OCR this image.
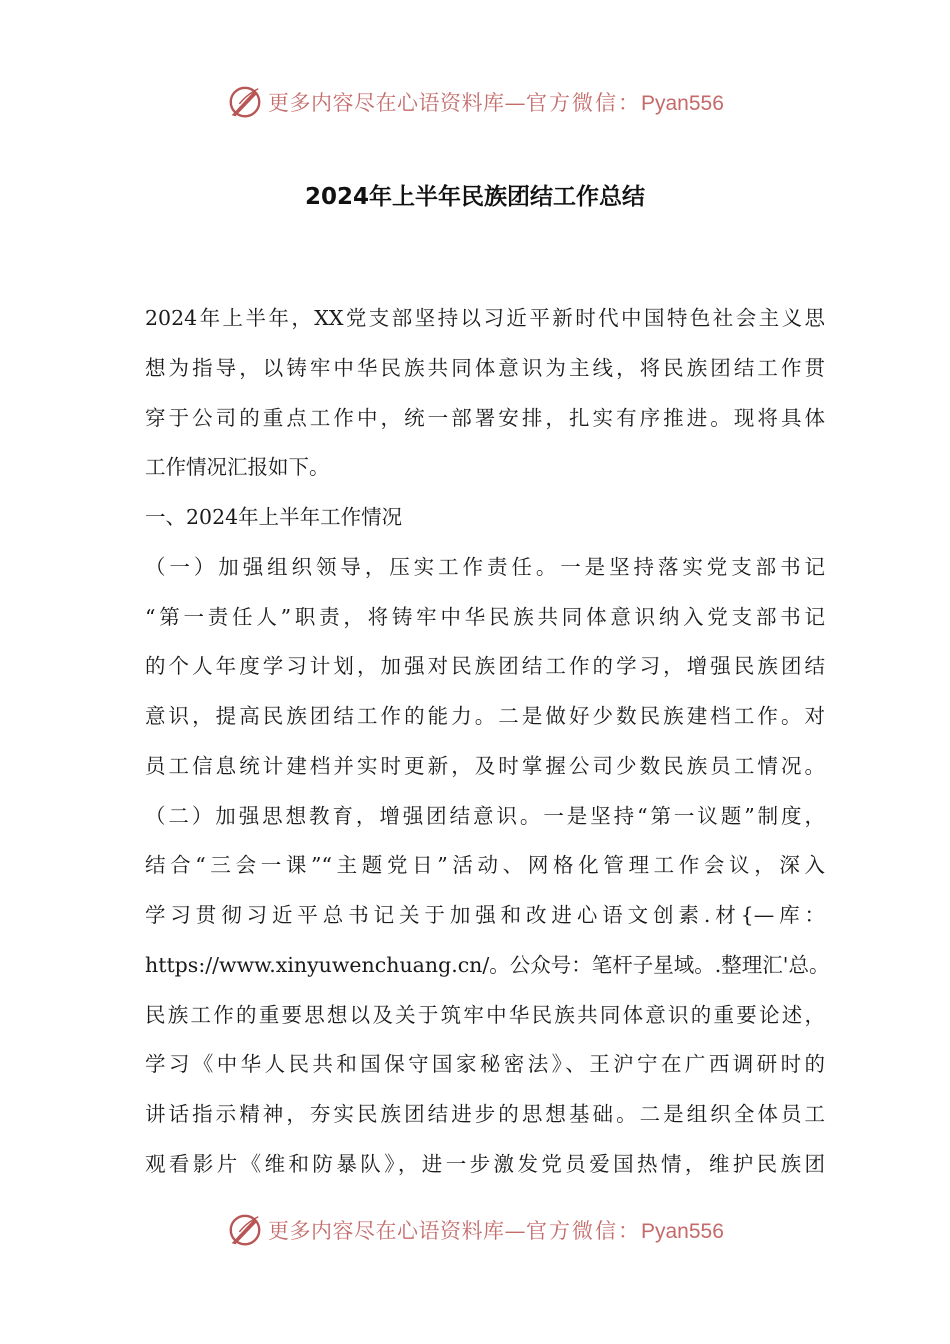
更多内容尽在心语资料库—官方微信：Pyan556
2024年上半年民族团结工作总结
2024年上半年，XX党支部坚持以习近平新时代中国特色社会主义思
想为指导，以铸牢中华民族共同体意识为主线，将民族团结工作贯
穿于公司的重点工作中，统一部署安排，扎实有序推进。现将具体
工作情况汇报如下。
一、2024年上半年工作情况
（一）加强组织领导，压实工作责任。一是坚持落实党支部书记
“第一责任人”职责，将铸牢中华民族共同体意识纳入党支部书记
的个人年度学习计划，加强对民族团结工作的学习，增强民族团结
意识，提高民族团结工作的能力。二是做好少数民族建档工作。对
员工信息统计建档并实时更新，及时掌握公司少数民族员工情况。
（二）加强思想教育，增强团结意识。一是坚持“第一议题”制度，
结合“三会一课”“主题党日”活动、网格化管理工作会议，深入
学习贯彻习近平总书记关于加强和改进心语文创素.材{—库：
https://www.xinyuwenchuang.cn/。公众号：笔杆子星域。.整理汇'总。
民族工作的重要思想以及关于筑牢中华民族共同体意识的重要论述，
学习《中华人民共和国保守国家秘密法》、王沪宁在广西调研时的
讲话指示精神，夯实民族团结进步的思想基础。二是组织全体员工
观看影片《维和防暴队》，进一步激发党员爱国热情，维护民族团
更多内容尽在心语资料库—官方微信：Pyan556
